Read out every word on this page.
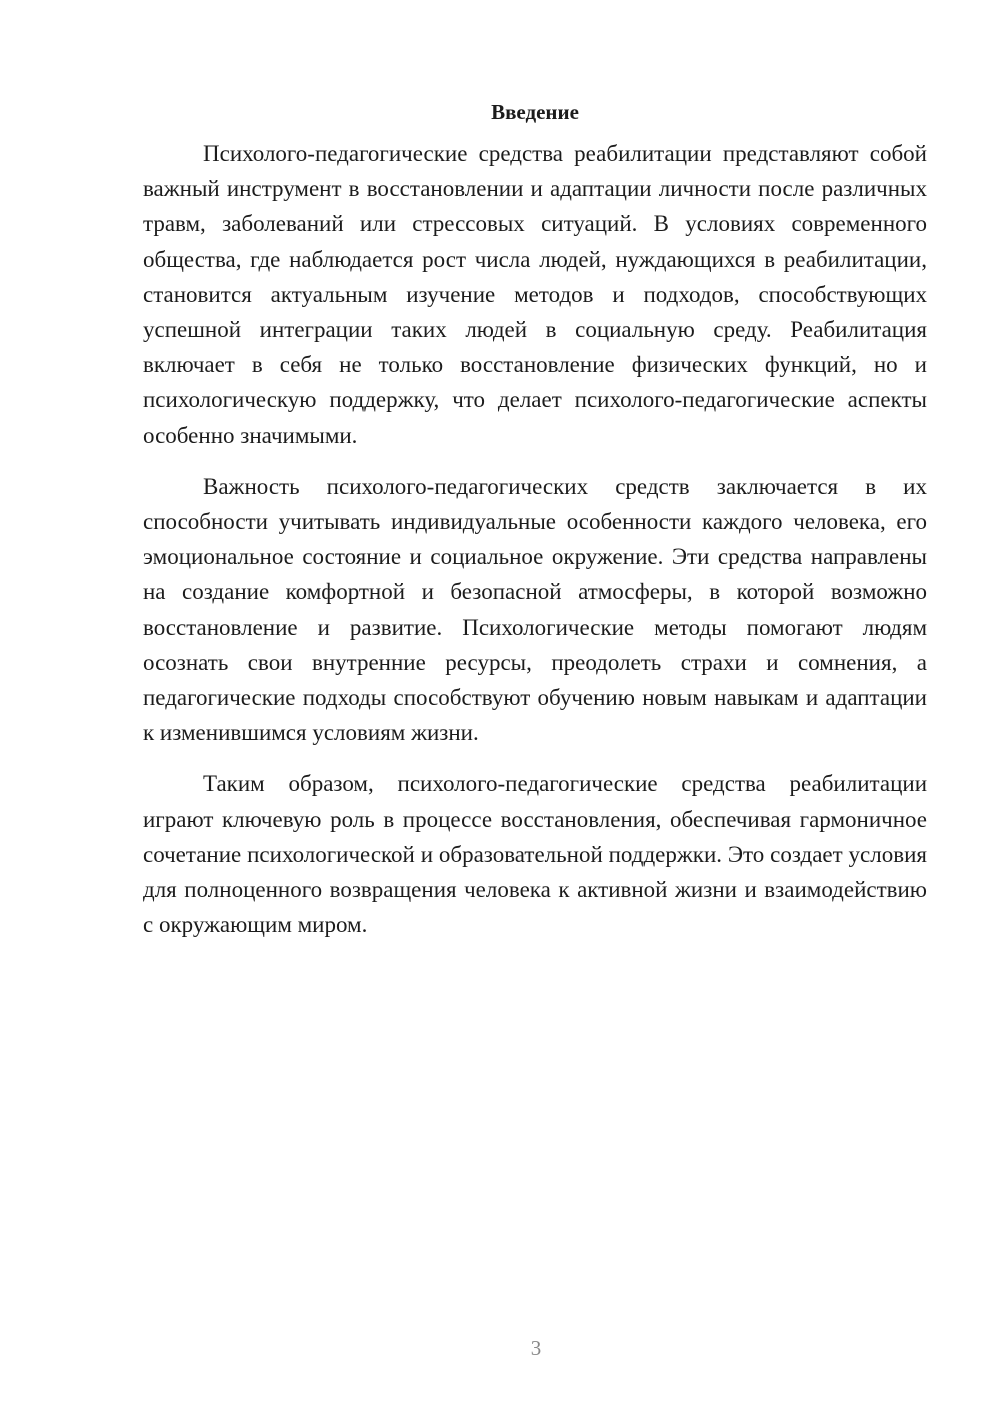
Введение

Психолого-педагогические средства реабилитации представляют собой важный инструмент в восстановлении и адаптации личности после различных травм, заболеваний или стрессовых ситуаций. В условиях современного общества, где наблюдается рост числа людей, нуждающихся в реабилитации, становится актуальным изучение методов и подходов, способствующих успешной интеграции таких людей в социальную среду. Реабилитация включает в себя не только восстановление физических функций, но и психологическую поддержку, что делает психолого-педагогические аспекты особенно значимыми.

Важность психолого-педагогических средств заключается в их способности учитывать индивидуальные особенности каждого человека, его эмоциональное состояние и социальное окружение. Эти средства направлены на создание комфортной и безопасной атмосферы, в которой возможно восстановление и развитие. Психологические методы помогают людям осознать свои внутренние ресурсы, преодолеть страхи и сомнения, а педагогические подходы способствуют обучению новым навыкам и адаптации к изменившимся условиям жизни.

Таким образом, психолого-педагогические средства реабилитации играют ключевую роль в процессе восстановления, обеспечивая гармоничное сочетание психологической и образовательной поддержки. Это создает условия для полноценного возвращения человека к активной жизни и взаимодействию с окружающим миром.

3
